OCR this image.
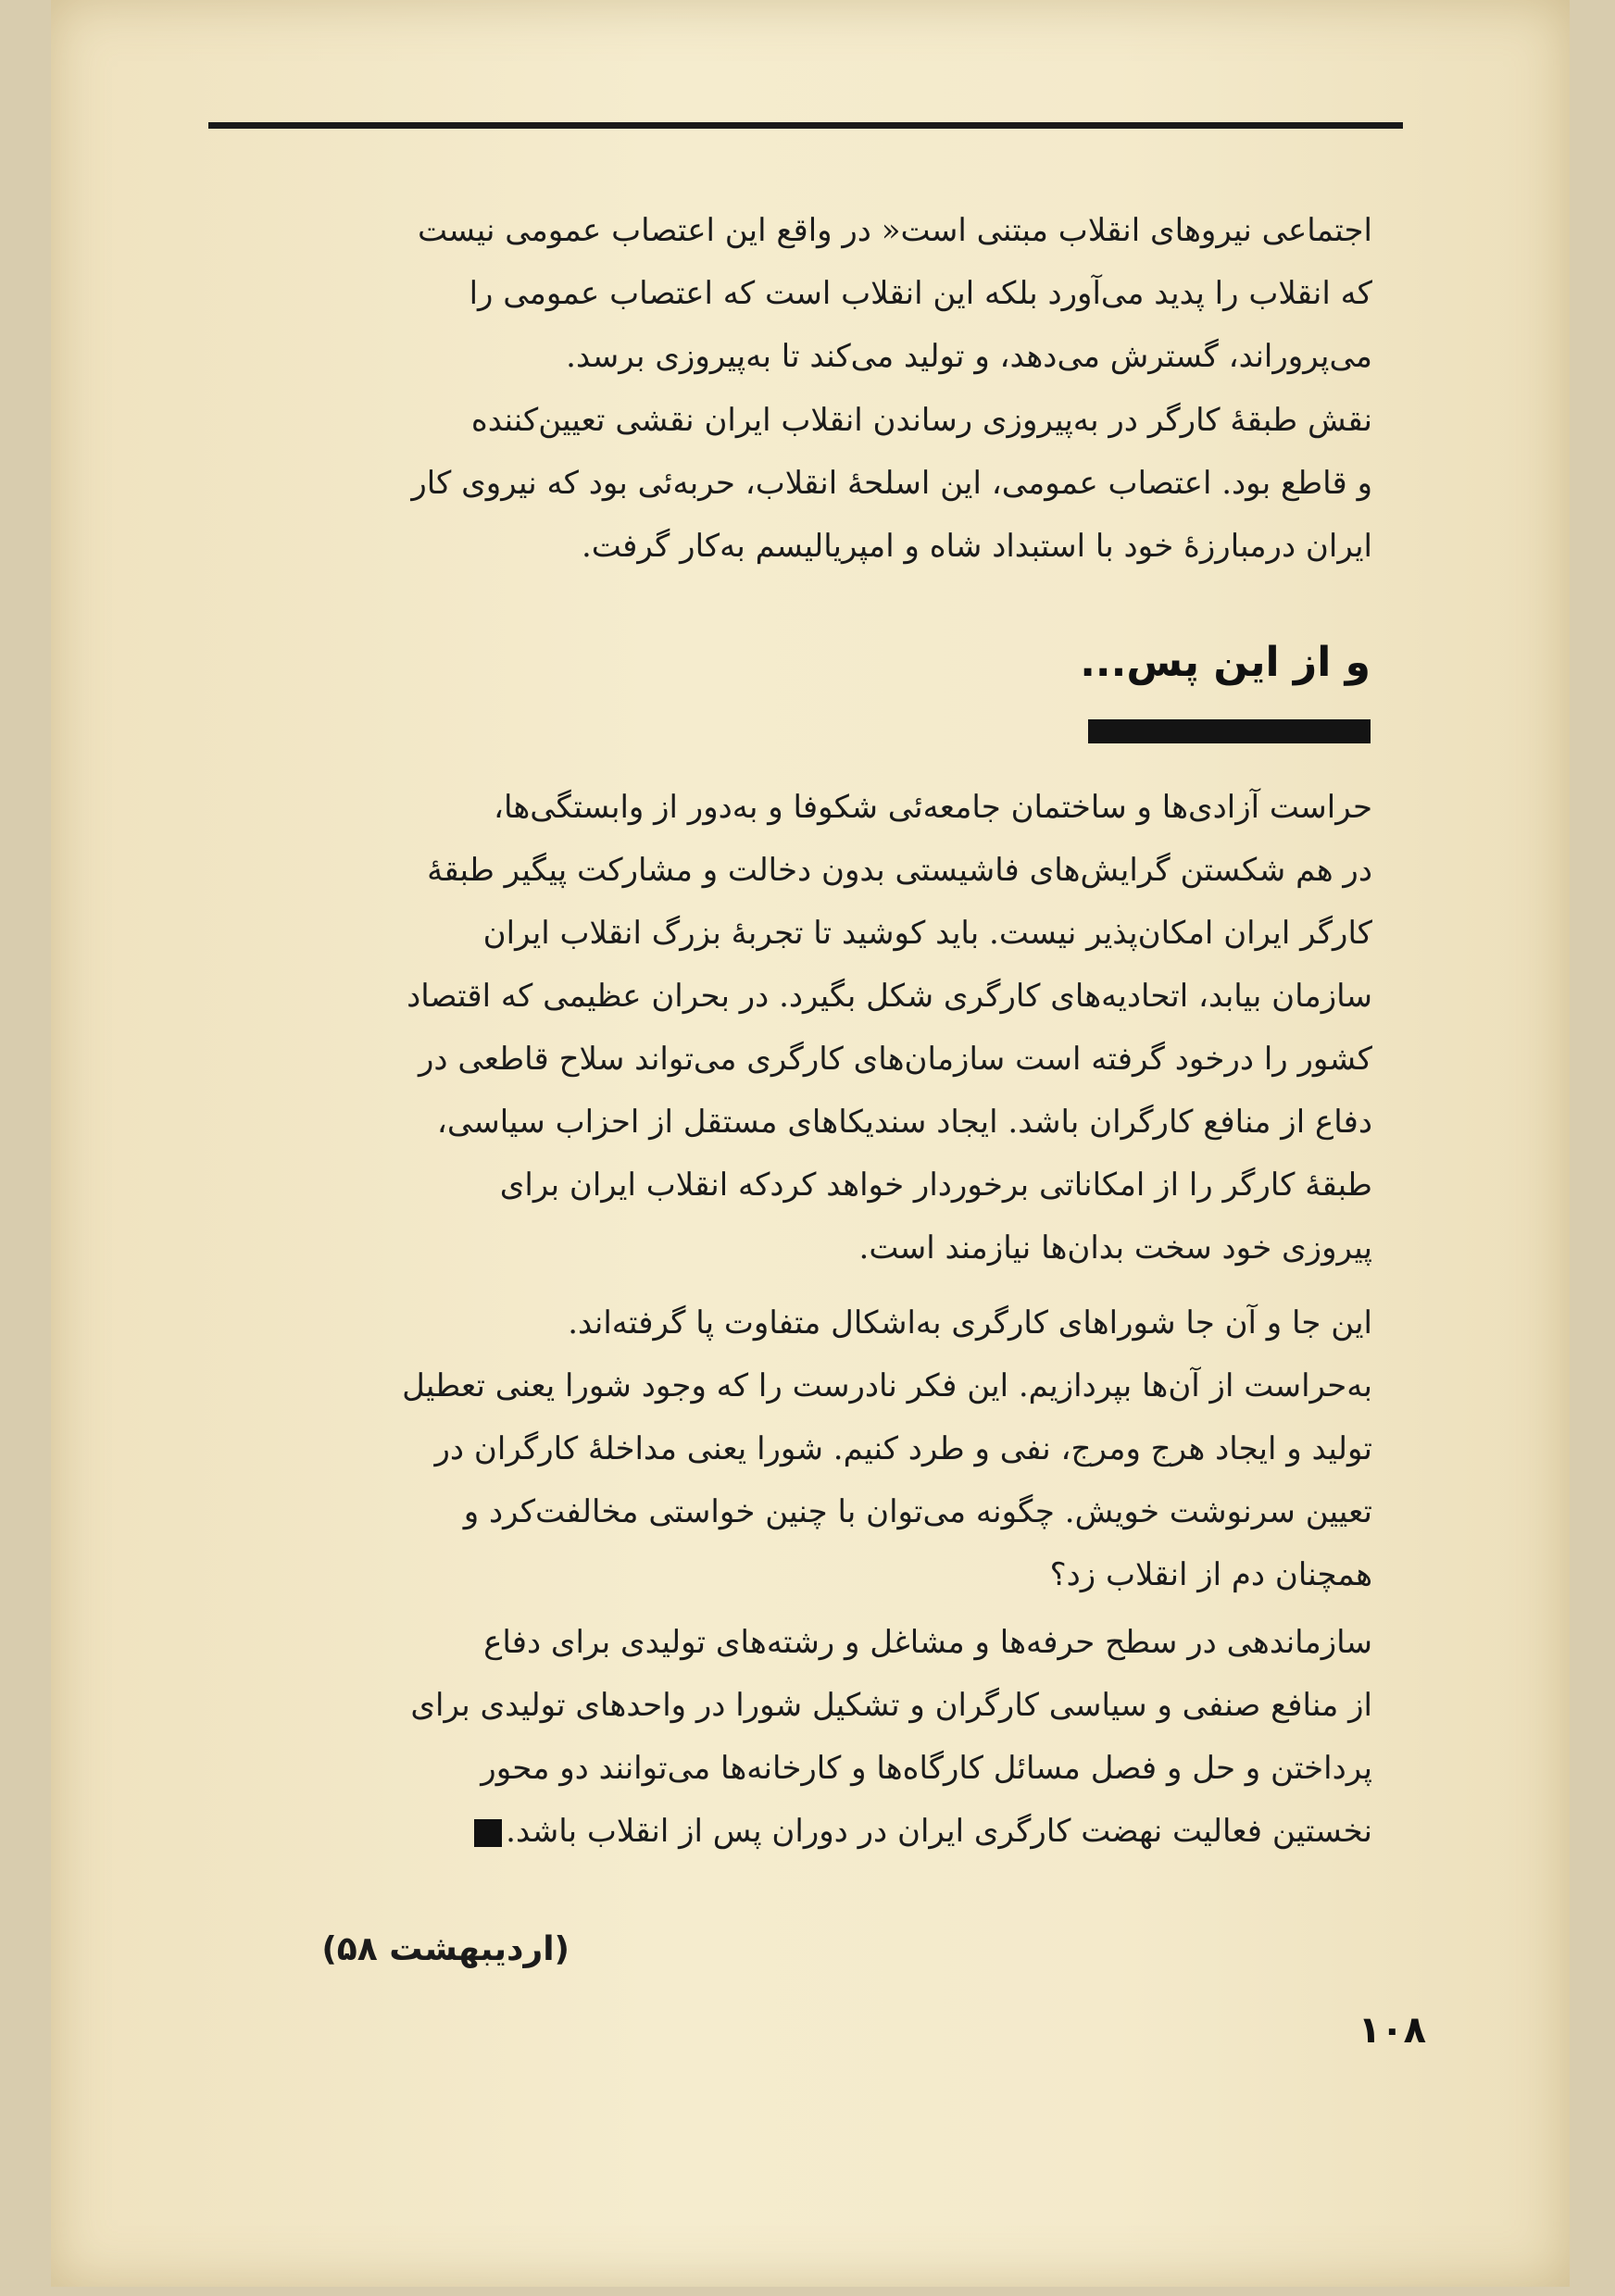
اجتماعی نیروهای انقلاب مبتنی است« در واقع این اعتصاب عمومی نیست
که انقلاب را پدید می‌آورد بلکه این انقلاب است که اعتصاب عمومی را
می‌پروراند، گسترش می‌دهد، و تولید می‌کند تا به‌پیروزی برسد.
نقش طبقهٔ کارگر در به‌پیروزی رساندن انقلاب ایران نقشی تعیین‌کننده
و قاطع بود. اعتصاب عمومی، این اسلحهٔ انقلاب، حربه‌ئی بود که نیروی کار
ایران درمبارزهٔ خود با استبداد شاه و امپریالیسم به‌کار گرفت.
و از این پس...
حراست آزادی‌ها و ساختمان جامعه‌ئی شکوفا و به‌دور از وابستگی‌ها،
در هم شکستن گرایش‌های فاشیستی بدون دخالت و مشارکت پیگیر طبقهٔ
کارگر ایران امکان‌پذیر نیست. باید کوشید تا تجربهٔ بزرگ انقلاب ایران
سازمان بیابد، اتحادیه‌های کارگری شکل بگیرد. در بحران عظیمی که اقتصاد
کشور را درخود گرفته است سازمان‌های کارگری می‌تواند سلاح قاطعی در
دفاع از منافع کارگران باشد. ایجاد سندیکاهای مستقل از احزاب سیاسی،
طبقهٔ کارگر را از امکاناتی برخوردار خواهد کردکه انقلاب ایران برای
پیروزی خود سخت بدان‌ها نیازمند است.
این جا و آن جا شوراهای کارگری به‌اشکال متفاوت پا گرفته‌اند.
به‌حراست از آن‌ها بپردازیم. این فکر نادرست را که وجود شورا یعنی تعطیل
تولید و ایجاد هرج ومرج، نفی و طرد کنیم. شورا یعنی مداخلهٔ کارگران در
تعیین سرنوشت خویش. چگونه می‌توان با چنین خواستی مخالفت‌کرد و
همچنان دم از انقلاب زد؟
سازماندهی در سطح حرفه‌ها و مشاغل و رشته‌های تولیدی برای دفاع
از منافع صنفی و سیاسی کارگران و تشکیل شورا در واحدهای تولیدی برای
پرداختن و حل و فصل مسائل کارگاه‌ها و کارخانه‌ها می‌توانند دو محور
نخستین فعالیت نهضت کارگری ایران در دوران پس از انقلاب باشد.
(اردیبهشت ۵۸)
۱۰۸
